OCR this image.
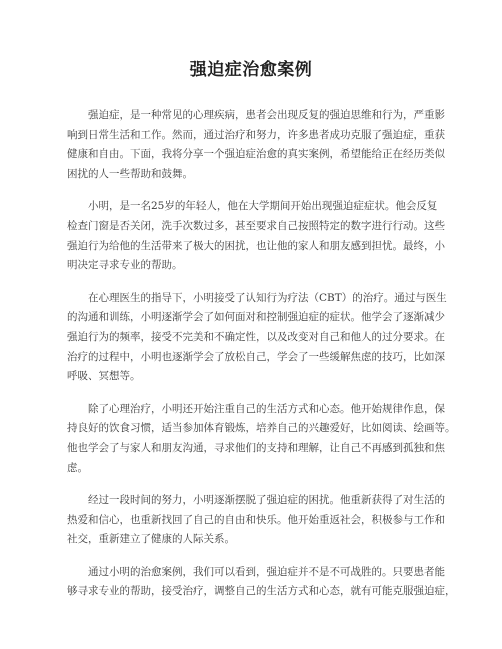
强迫症治愈案例

强迫症，是一种常见的心理疾病，患者会出现反复的强迫思维和行为，严重影
响到日常生活和工作。然而，通过治疗和努力，许多患者成功克服了强迫症，重获
健康和自由。下面，我将分享一个强迫症治愈的真实案例，希望能给正在经历类似
困扰的人一些帮助和鼓舞。

小明，是一名25岁的年轻人，他在大学期间开始出现强迫症症状。他会反复
检查门窗是否关闭，洗手次数过多，甚至要求自己按照特定的数字进行行动。这些
强迫行为给他的生活带来了极大的困扰，也让他的家人和朋友感到担忧。最终，小
明决定寻求专业的帮助。

在心理医生的指导下，小明接受了认知行为疗法（CBT）的治疗。通过与医生
的沟通和训练，小明逐渐学会了如何面对和控制强迫症的症状。他学会了逐渐减少
强迫行为的频率，接受不完美和不确定性，以及改变对自己和他人的过分要求。在
治疗的过程中，小明也逐渐学会了放松自己，学会了一些缓解焦虑的技巧，比如深
呼吸、冥想等。

除了心理治疗，小明还开始注重自己的生活方式和心态。他开始规律作息，保
持良好的饮食习惯，适当参加体育锻炼，培养自己的兴趣爱好，比如阅读、绘画等。
他也学会了与家人和朋友沟通，寻求他们的支持和理解，让自己不再感到孤独和焦
虑。

经过一段时间的努力，小明逐渐摆脱了强迫症的困扰。他重新获得了对生活的
热爱和信心，也重新找回了自己的自由和快乐。他开始重返社会，积极参与工作和
社交，重新建立了健康的人际关系。

通过小明的治愈案例，我们可以看到，强迫症并不是不可战胜的。只要患者能
够寻求专业的帮助，接受治疗，调整自己的生活方式和心态，就有可能克服强迫症，
